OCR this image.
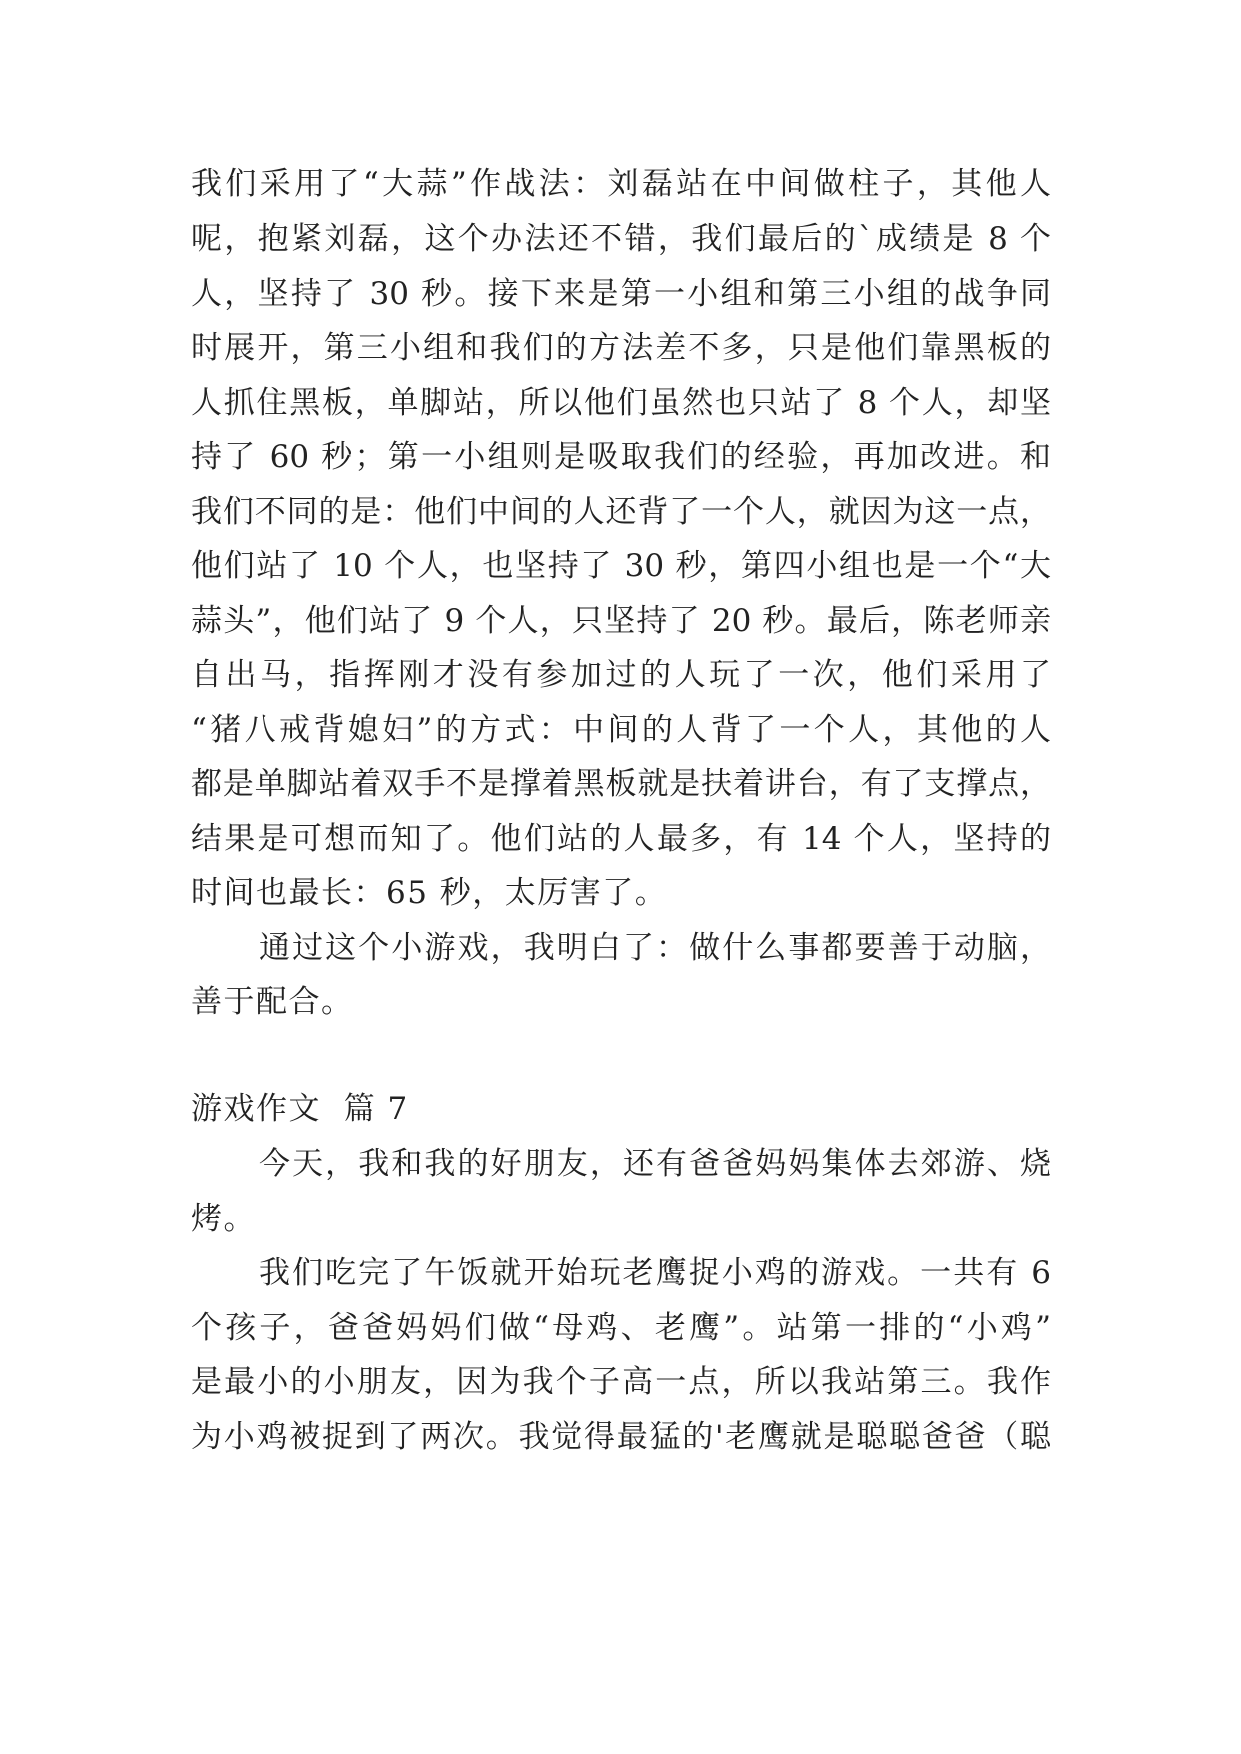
我们采用了“大蒜”作战法：刘磊站在中间做柱子，其他人
呢，抱紧刘磊，这个办法还不错，我们最后的`成绩是 8 个
人，坚持了 30 秒。接下来是第一小组和第三小组的战争同
时展开，第三小组和我们的方法差不多，只是他们靠黑板的
人抓住黑板，单脚站，所以他们虽然也只站了 8 个人，却坚
持了 60 秒；第一小组则是吸取我们的经验，再加改进。和
我们不同的是：他们中间的人还背了一个人，就因为这一点，
他们站了 10 个人，也坚持了 30 秒，第四小组也是一个“大
蒜头”，他们站了 9 个人，只坚持了 20 秒。最后，陈老师亲
自出马，指挥刚才没有参加过的人玩了一次，他们采用了
“猪八戒背媳妇”的方式：中间的人背了一个人，其他的人
都是单脚站着双手不是撑着黑板就是扶着讲台，有了支撑点，
结果是可想而知了。他们站的人最多，有 14 个人，坚持的
时间也最长：65 秒，太厉害了。
通过这个小游戏，我明白了：做什么事都要善于动脑，
善于配合。
游戏作文  篇 7
今天，我和我的好朋友，还有爸爸妈妈集体去郊游、烧
烤。
我们吃完了午饭就开始玩老鹰捉小鸡的游戏。一共有 6
个孩子，爸爸妈妈们做“母鸡、老鹰”。站第一排的“小鸡”
是最小的小朋友，因为我个子高一点，所以我站第三。我作
为小鸡被捉到了两次。我觉得最猛的'老鹰就是聪聪爸爸（聪
